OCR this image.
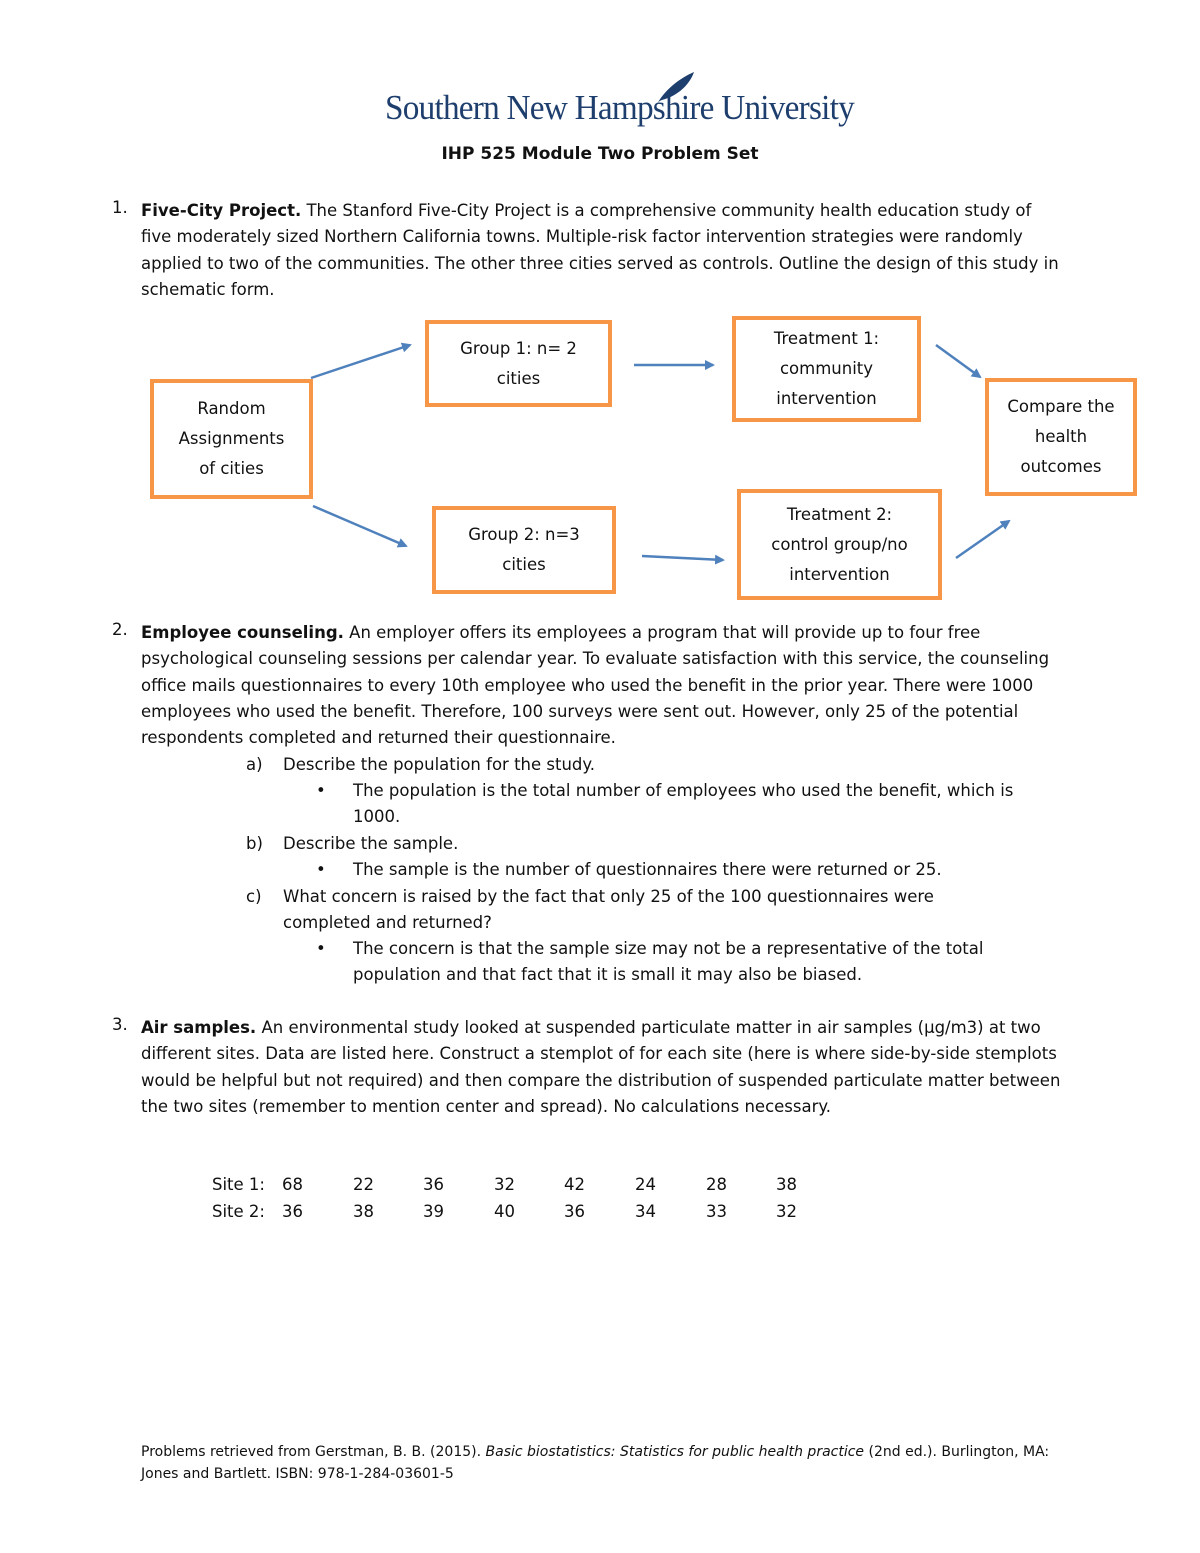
Southern New Hampshire University
IHP 525 Module Two Problem Set
1. Five-City Project. The Stanford Five-City Project is a comprehensive community health education study of five moderately sized Northern California towns. Multiple-risk factor intervention strategies were randomly applied to two of the communities. The other three cities served as controls. Outline the design of this study in schematic form.
Random
Assignments
of cities
Group 1: n= 2
cities
Group 2: n=3
cities
Treatment 1:
community
intervention
Treatment 2:
control group/no
intervention
Compare the
health
outcomes
2. Employee counseling. An employer offers its employees a program that will provide up to four free psychological counseling sessions per calendar year. To evaluate satisfaction with this service, the counseling office mails questionnaires to every 10th employee who used the benefit in the prior year. There were 1000 employees who used the benefit. Therefore, 100 surveys were sent out. However, only 25 of the potential respondents completed and returned their questionnaire.
a) Describe the population for the study.
• The population is the total number of employees who used the benefit, which is
1000.
b) Describe the sample.
• The sample is the number of questionnaires there were returned or 25.
c) What concern is raised by the fact that only 25 of the 100 questionnaires were
completed and returned?
• The concern is that the sample size may not be a representative of the total
population and that fact that it is small it may also be biased.
3. Air samples. An environmental study looked at suspended particulate matter in air samples (µg/m3) at two different sites. Data are listed here. Construct a stemplot of for each site (here is where side-by-side stemplots would be helpful but not required) and then compare the distribution of suspended particulate matter between the two sites (remember to mention center and spread). No calculations necessary.
Site 1: 68	22	36	32	42	24	28	38
Site 2: 36	38	39	40	36	34	33	32
Problems retrieved from Gerstman, B. B. (2015). Basic biostatistics: Statistics for public health practice (2nd ed.). Burlington, MA: Jones and Bartlett. ISBN: 978-1-284-03601-5
